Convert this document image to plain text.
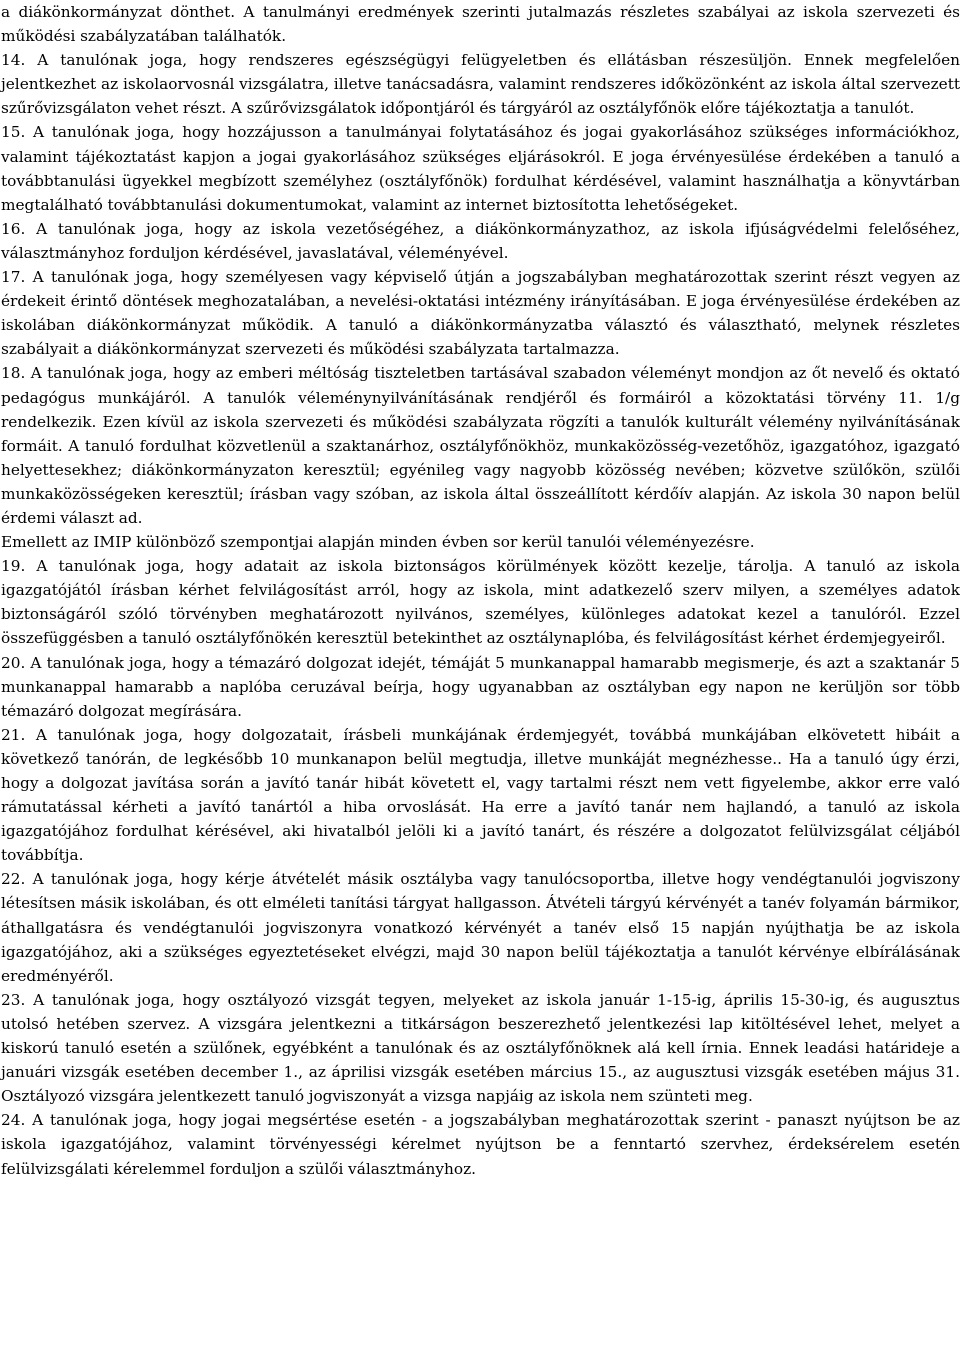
a diákönkormányzat dönthet. A tanulmányi eredmények szerinti jutalmazás részletes szabályai az iskola szervezeti és működési szabályzatában találhatók.

14. A tanulónak joga, hogy rendszeres egészségügyi felügyeletben és ellátásban részesüljön. Ennek megfelelően jelentkezhet az iskolaorvosnál vizsgálatra, illetve tanácsadásra, valamint rendszeres időközönként az iskola által szervezett szűrővizsgálaton vehet részt. A szűrővizsgálatok időpontjáról és tárgyáról az osztályfőnök előre tájékoztatja a tanulót.

15. A tanulónak joga, hogy hozzájusson a tanulmányai folytatásához és jogai gyakorlásához szükséges információkhoz, valamint tájékoztatást kapjon a jogai gyakorlásához szükséges eljárásokról. E joga érvényesülése érdekében a tanuló a továbbtanulási ügyekkel megbízott személyhez (osztályfőnök) fordulhat kérdésével, valamint használhatja a könyvtárban megtalálható továbbtanulási dokumentumokat, valamint az internet biztosította lehetőségeket.

16. A tanulónak joga, hogy az iskola vezetőségéhez, a diákönkormányzathoz, az iskola ifjúságvédelmi felelőséhez, választmányhoz forduljon kérdésével, javaslatával, véleményével.

17. A tanulónak joga, hogy személyesen vagy képviselő útján a jogszabályban meghatározottak szerint részt vegyen az érdekeit érintő döntések meghozatalában, a nevelési-oktatási intézmény irányításában. E joga érvényesülése érdekében az iskolában diákönkormányzat működik. A tanuló a diákönkormányzatba választó és választható, melynek részletes szabályait a diákönkormányzat szervezeti és működési szabályzata tartalmazza.

18. A tanulónak joga, hogy az emberi méltóság tiszteletben tartásával szabadon véleményt mondjon az őt nevelő és oktató pedagógus munkájáról. A tanulók véleménynyilvánításának rendjéről és formáiról a közoktatási törvény 11. 1/g rendelkezik. Ezen kívül az iskola szervezeti és működési szabályzata rögzíti a tanulók kulturált vélemény nyilvánításának formáit. A tanuló fordulhat közvetlenül a szaktanárhoz, osztályfőnökhöz, munkaközösség-vezetőhöz, igazgatóhoz, igazgató helyettesekhez; diákönkormányzaton keresztül; egyénileg vagy nagyobb közösség nevében; közvetve szülőkön, szülői munkaközösségeken keresztül; írásban vagy szóban, az iskola által összeállított kérdőív alapján. Az iskola 30 napon belül érdemi választ ad.

Emellett az IMIP különböző szempontjai alapján minden évben sor kerül tanulói véleményezésre.

19. A tanulónak joga, hogy adatait az iskola biztonságos körülmények között kezelje, tárolja. A tanuló az iskola igazgatójától írásban kérhet felvilágosítást arról, hogy az iskola, mint adatkezelő szerv milyen, a személyes adatok biztonságáról szóló törvényben meghatározott nyilvános, személyes, különleges adatokat kezel a tanulóról. Ezzel összefüggésben a tanuló osztályfőnökén keresztül betekinthet az osztálynaplóba, és felvilágosítást kérhet érdemjegyeiről.

20. A tanulónak joga, hogy a témazáró dolgozat idejét, témáját 5 munkanappal hamarabb megismerje, és azt a szaktanár 5 munkanappal hamarabb a naplóba ceruzával beírja, hogy ugyanabban az osztályban egy napon ne kerüljön sor több témazáró dolgozat megírására.

21. A tanulónak joga, hogy dolgozatait, írásbeli munkájának érdemjegyét, továbbá munkájában elkövetett hibáit a következő tanórán, de legkésőbb 10 munkanapon belül megtudja, illetve munkáját megnézhesse.. Ha a tanuló úgy érzi, hogy a dolgozat javítása során a javító tanár hibát követett el, vagy tartalmi részt nem vett figyelembe, akkor erre való rámutatással kérheti a javító tanártól a hiba orvoslását. Ha erre a javító tanár nem hajlandó, a tanuló az iskola igazgatójához fordulhat kérésével, aki hivatalból jelöli ki a javító tanárt, és részére a dolgozatot felülvizsgálat céljából továbbítja.

22. A tanulónak joga, hogy kérje átvételét másik osztályba vagy tanulócsoportba, illetve hogy vendégtanulói jogviszony létesítsen másik iskolában, és ott elméleti tanítási tárgyat hallgasson. Átvételi tárgyú kérvényét a tanév folyamán bármikor, áthallgatásra és vendégtanulói jogviszonyra vonatkozó kérvényét a tanév első 15 napján nyújthatja be az iskola igazgatójához, aki a szükséges egyeztetéseket elvégzi, majd 30 napon belül tájékoztatja a tanulót kérvénye elbírálásának eredményéről.

23. A tanulónak joga, hogy osztályozó vizsgát tegyen, melyeket az iskola január 1-15-ig, április 15-30-ig, és augusztus utolsó hetében szervez. A vizsgára jelentkezni a titkárságon beszerezhető jelentkezési lap kitöltésével lehet, melyet a kiskorú tanuló esetén a szülőnek, egyébként a tanulónak és az osztályfőnöknek alá kell írnia. Ennek leadási határideje a januári vizsgák esetében december 1., az áprilisi vizsgák esetében március 15., az augusztusi vizsgák esetében május 31. Osztályozó vizsgára jelentkezett tanuló jogviszonyát a vizsga napjáig az iskola nem szünteti meg.

24. A tanulónak joga, hogy jogai megsértése esetén - a jogszabályban meghatározottak szerint - panaszt nyújtson be az iskola igazgatójához, valamint törvényességi kérelmet nyújtson be a fenntartó szervhez, érdeksérelem esetén felülvizsgálati kérelemmel forduljon a szülői választmányhoz.
